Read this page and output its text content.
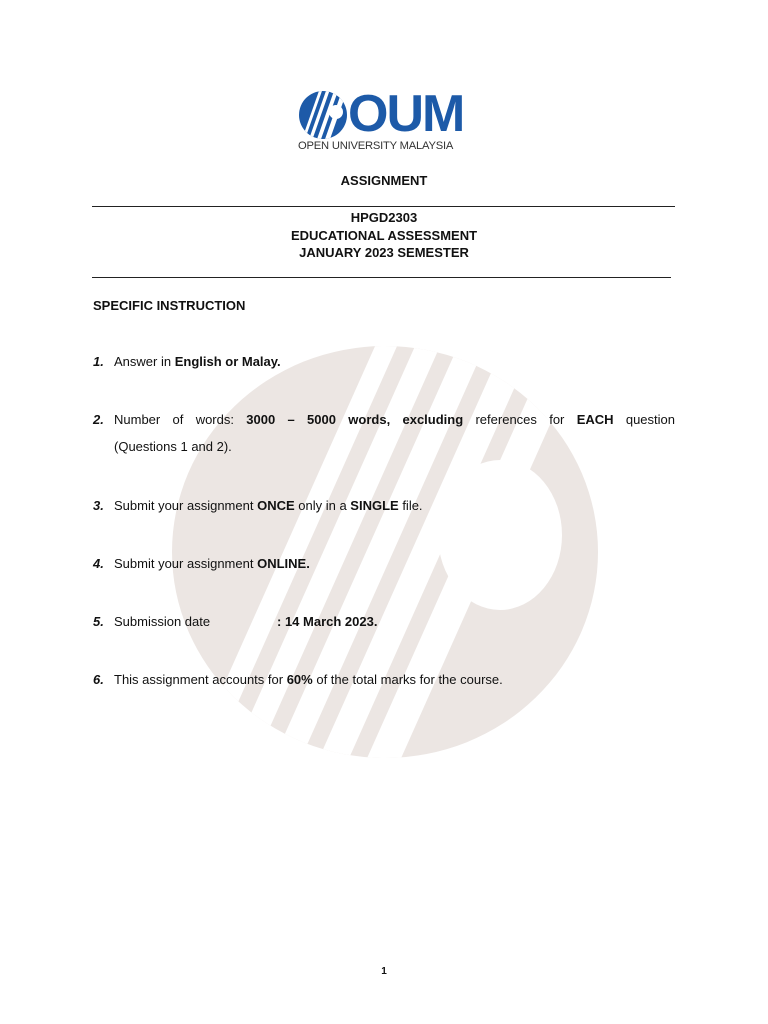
OUM
OPEN UNIVERSITY MALAYSIA
ASSIGNMENT
HPGD2303
EDUCATIONAL ASSESSMENT
JANUARY 2023 SEMESTER
SPECIFIC INSTRUCTION
1. Answer in English or Malay.
2. Number of words: 3000 – 5000 words, excluding references for EACH question
(Questions 1 and 2).
3. Submit your assignment ONCE only in a SINGLE file.
4. Submit your assignment ONLINE.
5. Submission date	: 14 March 2023.
6. This assignment accounts for 60% of the total marks for the course.
1
